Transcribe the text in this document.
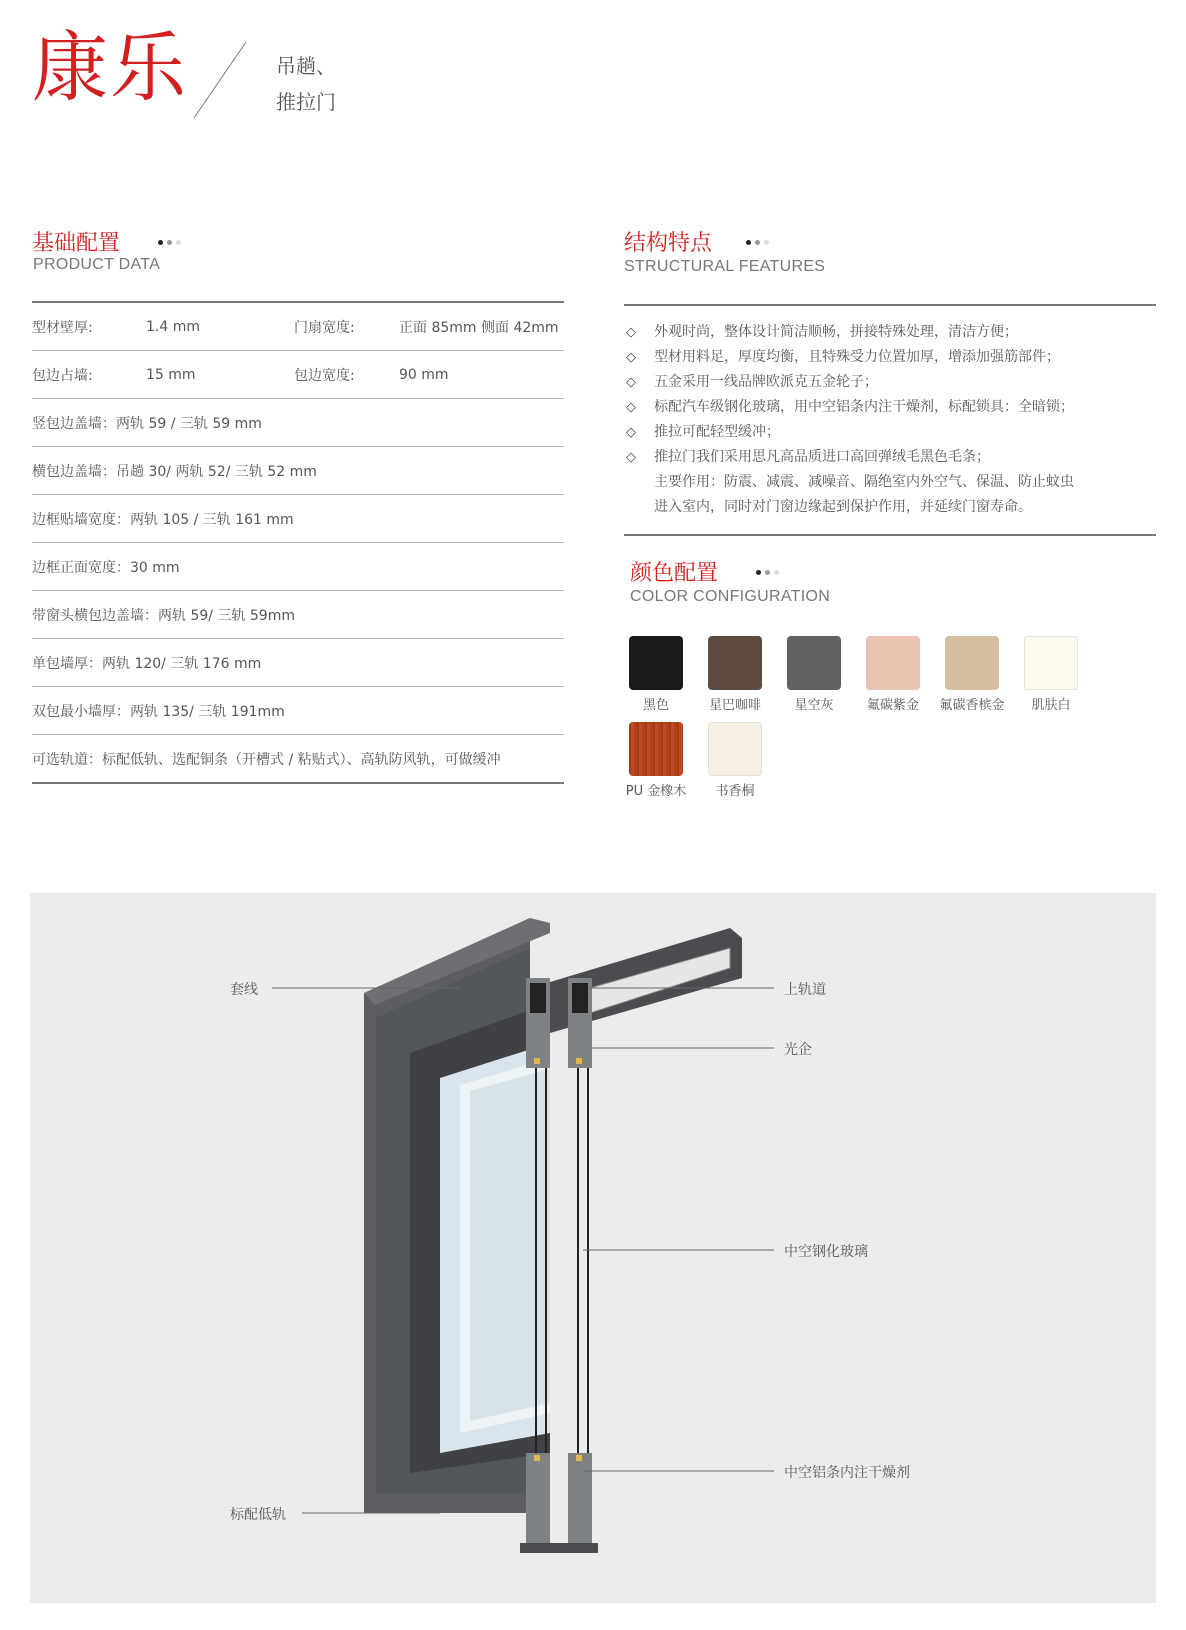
康乐	吊趟、
推拉门
基础配置
PRODUCT DATA
型材壁厚:	1.4 mm	门扇宽度:	正面 85mm 侧面 42mm
包边占墙:	15 mm	包边宽度:	90 mm
竖包边盖墙：两轨 59 / 三轨 59 mm
横包边盖墙：吊趟 30/ 两轨 52/ 三轨 52 mm
边框贴墙宽度：两轨 105 / 三轨 161 mm
边框正面宽度：30 mm
带窗头横包边盖墙：两轨 59/ 三轨 59mm
单包墙厚：两轨 120/ 三轨 176 mm
双包最小墙厚：两轨 135/ 三轨 191mm
可选轨道：标配低轨、选配铜条（开槽式 / 粘贴式）、高轨防风轨，可做缓冲
结构特点
STRUCTURAL FEATURES
◇	外观时尚，整体设计简洁顺畅，拼接特殊处理，清洁方便；
◇	型材用料足，厚度均衡，且特殊受力位置加厚，增添加强筋部件；
◇	五金采用一线品牌欧派克五金轮子；
◇	标配汽车级钢化玻璃，用中空铝条内注干燥剂，标配锁具：全暗锁；
◇	推拉可配轻型缓冲；
◇	推拉门我们采用思凡高品质进口高回弹绒毛黑色毛条；
主要作用：防震、减震、减噪音、隔绝室内外空气、保温、防止蚊虫
进入室内，同时对门窗边缘起到保护作用，并延续门窗寿命。
颜色配置
COLOR CONFIGURATION
黑色	星巴咖啡	星空灰	氟碳紫金	氟碳香槟金	肌肤白
PU 金橡木	书香桐
套线	上轨道
光企
中空钢化玻璃
中空铝条内注干燥剂
标配低轨
